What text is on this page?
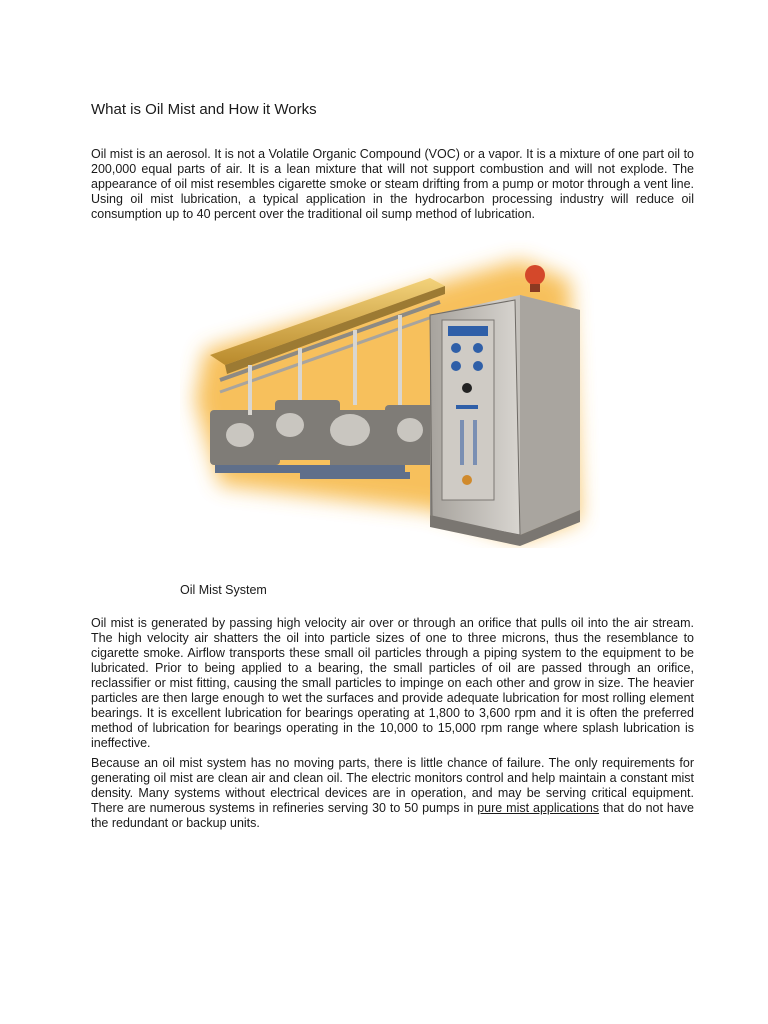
What is Oil Mist and How it Works

Oil mist is an aerosol. It is not a Volatile Organic Compound (VOC) or a vapor. It is a mixture of one part oil to 200,000 equal parts of air. It is a lean mixture that will not support combustion and will not explode. The appearance of oil mist resembles cigarette smoke or steam drifting from a pump or motor through a vent line. Using oil mist lubrication, a typical application in the hydrocarbon processing industry will reduce oil consumption up to 40 percent over the traditional oil sump method of lubrication.

Oil Mist System

Oil mist is generated by passing high velocity air over or through an orifice that pulls oil into the air stream. The high velocity air shatters the oil into particle sizes of one to three microns, thus the resemblance to cigarette smoke. Airflow transports these small oil particles through a piping system to the equipment to be lubricated. Prior to being applied to a bearing, the small particles of oil are passed through an orifice, reclassifier or mist fitting, causing the small particles to impinge on each other and grow in size. The heavier particles are then large enough to wet the surfaces and provide adequate lubrication for most rolling element bearings. It is excellent lubrication for bearings operating at 1,800 to 3,600 rpm and it is often the preferred method of lubrication for bearings operating in the 10,000 to 15,000 rpm range where splash lubrication is ineffective.

Because an oil mist system has no moving parts, there is little chance of failure. The only requirements for generating oil mist are clean air and clean oil. The electric monitors control and help maintain a constant mist density. Many systems without electrical devices are in operation, and may be serving critical equipment. There are numerous systems in refineries serving 30 to 50 pumps in pure mist applications that do not have the redundant or backup units.
